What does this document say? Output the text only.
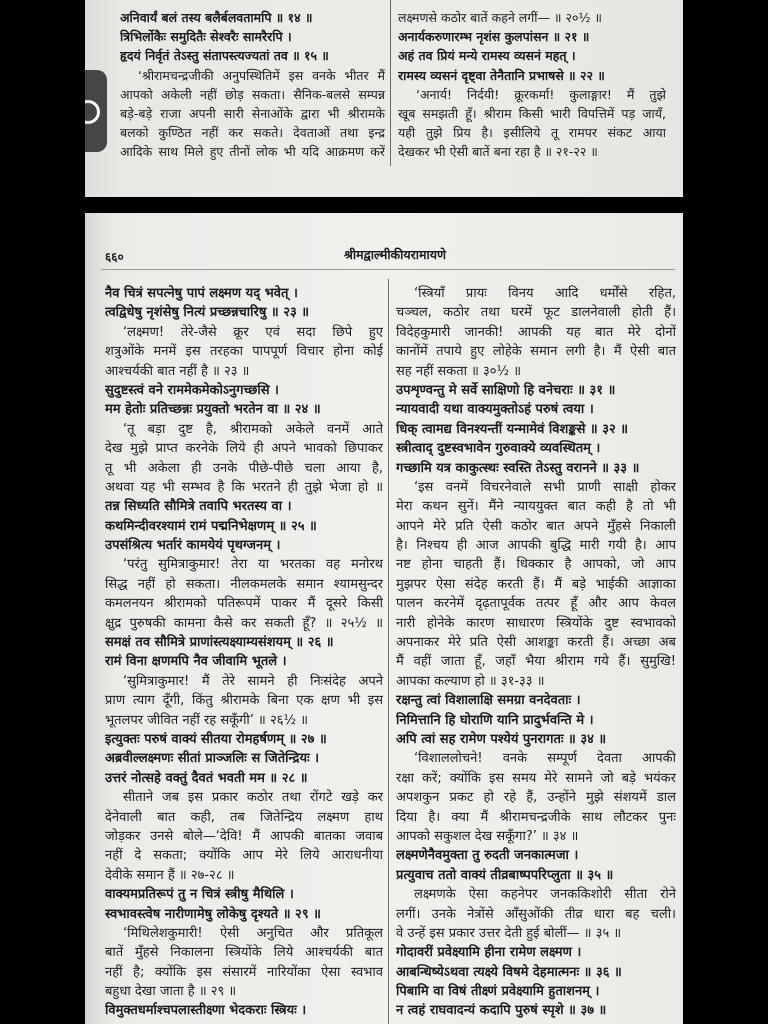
अनिवार्यं बलं तस्य बलैर्बलवतामपि ॥ १४ ॥
त्रिभिर्लोकैः समुदितैः सेश्वरैः सामरैरपि ।
हृदयं निर्वृतं तेऽस्तु संतापस्त्यज्यतां तव ॥ १५ ॥
‘श्रीरामचन्द्रजीकी अनुपस्थितिमें इस वनके भीतर मैं
आपको अकेली नहीं छोड़ सकता। सैनिक-बलसे सम्पन्न
बड़े-बड़े राजा अपनी सारी सेनाओंके द्वारा भी श्रीरामके
बलको कुण्ठित नहीं कर सकते। देवताओं तथा इन्द्र
आदिके साथ मिले हुए तीनों लोक भी यदि आक्रमण करें
लक्ष्मणसे कठोर बातें कहने लगीं— ॥ २०½ ॥
अनार्यकरुणारम्भ नृशंस कुलपांसन ॥ २१ ॥
अहं तव प्रियं मन्ये रामस्य व्यसनं महत् ।
रामस्य व्यसनं दृष्ट्वा तेनैतानि प्रभाषसे ॥ २२ ॥
‘अनार्य! निर्दयी! क्रूरकर्मा! कुलाङ्गार! मैं तुझे
खूब समझती हूँ। श्रीराम किसी भारी विपत्तिमें पड़ जायँ,
यही तुझे प्रिय है। इसीलिये तू रामपर संकट आया
देखकर भी ऐसी बातें बना रहा है ॥ २१-२२ ॥
६६०	श्रीमद्वाल्मीकीयरामायणे
नैव चित्रं सपत्नेषु पापं लक्ष्मण यद् भवेत् ।
त्वद्विधेषु नृशंसेषु नित्यं प्रच्छन्नचारिषु ॥ २३ ॥
‘लक्ष्मण! तेरे-जैसे क्रूर एवं सदा छिपे हुए
शत्रुओंके मनमें इस तरहका पापपूर्ण विचार होना कोई
आश्चर्यकी बात नहीं है ॥ २३ ॥
सुदुष्टस्त्वं वने राममेकमेकोऽनुगच्छसि ।
मम हेतोः प्रतिच्छन्नः प्रयुक्तो भरतेन वा ॥ २४ ॥
‘तू बड़ा दुष्ट है, श्रीरामको अकेले वनमें आते
देख मुझे प्राप्त करनेके लिये ही अपने भावको छिपाकर
तू भी अकेला ही उनके पीछे-पीछे चला आया है,
अथवा यह भी सम्भव है कि भरतने ही तुझे भेजा हो ॥
तन्न सिध्यति सौमित्रे तवापि भरतस्य वा ।
कथमिन्दीवरश्यामं रामं पद्मनिभेक्षणम् ॥ २५ ॥
उपसंश्रित्य भर्तारं कामयेयं पृथग्जनम् ।
‘परंतु सुमित्राकुमार! तेरा या भरतका वह मनोरथ
सिद्ध नहीं हो सकता। नीलकमलके समान श्यामसुन्दर
कमलनयन श्रीरामको पतिरूपमें पाकर मैं दूसरे किसी
क्षुद्र पुरुषकी कामना कैसे कर सकती हूँ? ॥ २५½ ॥
समक्षं तव सौमित्रे प्राणांस्त्यक्ष्याम्यसंशयम् ॥ २६ ॥
रामं विना क्षणमपि नैव जीवामि भूतले ।
‘सुमित्राकुमार! मैं तेरे सामने ही निःसंदेह अपने
प्राण त्याग दूँगी, किंतु श्रीरामके बिना एक क्षण भी इस
भूतलपर जीवित नहीं रह सकूँगी’ ॥ २६½ ॥
इत्युक्तः परुषं वाक्यं सीतया रोमहर्षणम् ॥ २७ ॥
अब्रवील्लक्ष्मणः सीतां प्राञ्जलिः स जितेन्द्रियः ।
उत्तरं नोत्सहे वक्तुं दैवतं भवती मम ॥ २८ ॥
सीताने जब इस प्रकार कठोर तथा रोंगटे खड़े कर
देनेवाली बात कही, तब जितेन्द्रिय लक्ष्मण हाथ
जोड़कर उनसे बोले—‘देवि! मैं आपकी बातका जवाब
नहीं दे सकता; क्योंकि आप मेरे लिये आराधनीया
देवीके समान हैं ॥ २७-२८ ॥
वाक्यमप्रतिरूपं तु न चित्रं स्त्रीषु मैथिलि ।
स्वभावस्त्वेष नारीणामेषु लोकेषु दृश्यते ॥ २९ ॥
‘मिथिलेशकुमारी! ऐसी अनुचित और प्रतिकूल
बातें मुँहसे निकालना स्त्रियोंके लिये आश्चर्यकी बात
नहीं है; क्योंकि इस संसारमें नारियोंका ऐसा स्वभाव
बहुधा देखा जाता है ॥ २९ ॥
विमुक्तधर्माश्चपलास्तीक्ष्णा भेदकराः स्त्रियः ।
‘स्त्रियाँ प्रायः विनय आदि धर्मोंसे रहित,
चञ्चल, कठोर तथा घरमें फूट डालनेवाली होती हैं।
विदेहकुमारी जानकी! आपकी यह बात मेरे दोनों
कानोंमें तपाये हुए लोहेके समान लगी है। मैं ऐसी बात
सह नहीं सकता ॥ ३०½ ॥
उपशृण्वन्तु मे सर्वे साक्षिणो हि वनेचराः ॥ ३१ ॥
न्यायवादी यथा वाक्यमुक्तोऽहं परुषं त्वया ।
धिक् त्वामद्य विनश्यन्तीं यन्मामेवं विशङ्कसे ॥ ३२ ॥
स्त्रीत्वाद् दुष्टस्वभावेन गुरुवाक्ये व्यवस्थितम् ।
गच्छामि यत्र काकुत्स्थः स्वस्ति तेऽस्तु वरानने ॥ ३३ ॥
‘इस वनमें विचरनेवाले सभी प्राणी साक्षी होकर
मेरा कथन सुनें। मैंने न्याययुक्त बात कही है तो भी
आपने मेरे प्रति ऐसी कठोर बात अपने मुँहसे निकाली
है। निश्चय ही आज आपकी बुद्धि मारी गयी है। आप
नष्ट होना चाहती हैं। धिक्कार है आपको, जो आप
मुझपर ऐसा संदेह करती हैं। मैं बड़े भाईकी आज्ञाका
पालन करनेमें दृढ़तापूर्वक तत्पर हूँ और आप केवल
नारी होनेके कारण साधारण स्त्रियोंके दुष्ट स्वभावको
अपनाकर मेरे प्रति ऐसी आशङ्का करती हैं। अच्छा अब
मैं वहीं जाता हूँ, जहाँ भैया श्रीराम गये हैं। सुमुखि!
आपका कल्याण हो ॥ ३१-३३ ॥
रक्षन्तु त्वां विशालाक्षि समग्रा वनदेवताः ।
निमित्तानि हि घोराणि यानि प्रादुर्भवन्ति मे ।
अपि त्वां सह रामेण पश्येयं पुनरागतः ॥ ३४ ॥
‘विशाललोचने! वनके सम्पूर्ण देवता आपकी
रक्षा करें; क्योंकि इस समय मेरे सामने जो बड़े भयंकर
अपशकुन प्रकट हो रहे हैं, उन्होंने मुझे संशयमें डाल
दिया है। क्या मैं श्रीरामचन्द्रजीके साथ लौटकर पुनः
आपको सकुशल देख सकूँगा?’ ॥ ३४ ॥
लक्ष्मणेनैवमुक्ता तु रुदती जनकात्मजा ।
प्रत्युवाच ततो वाक्यं तीव्रबाष्पपरिप्लुता ॥ ३५ ॥
लक्ष्मणके ऐसा कहनेपर जनककिशोरी सीता रोने
लगीं। उनके नेत्रोंसे आँसुओंकी तीव्र धारा बह चली।
वे उन्हें इस प्रकार उत्तर देती हुई बोलीं— ॥ ३५ ॥
गोदावरीं प्रवेक्ष्यामि हीना रामेण लक्ष्मण ।
आबन्धिष्येऽथवा त्यक्ष्ये विषमे देहमात्मनः ॥ ३६ ॥
पिबामि वा विषं तीक्ष्णं प्रवेक्ष्यामि हुताशनम् ।
न त्वहं राघवादन्यं कदापि पुरुषं स्पृशे ॥ ३७ ॥
